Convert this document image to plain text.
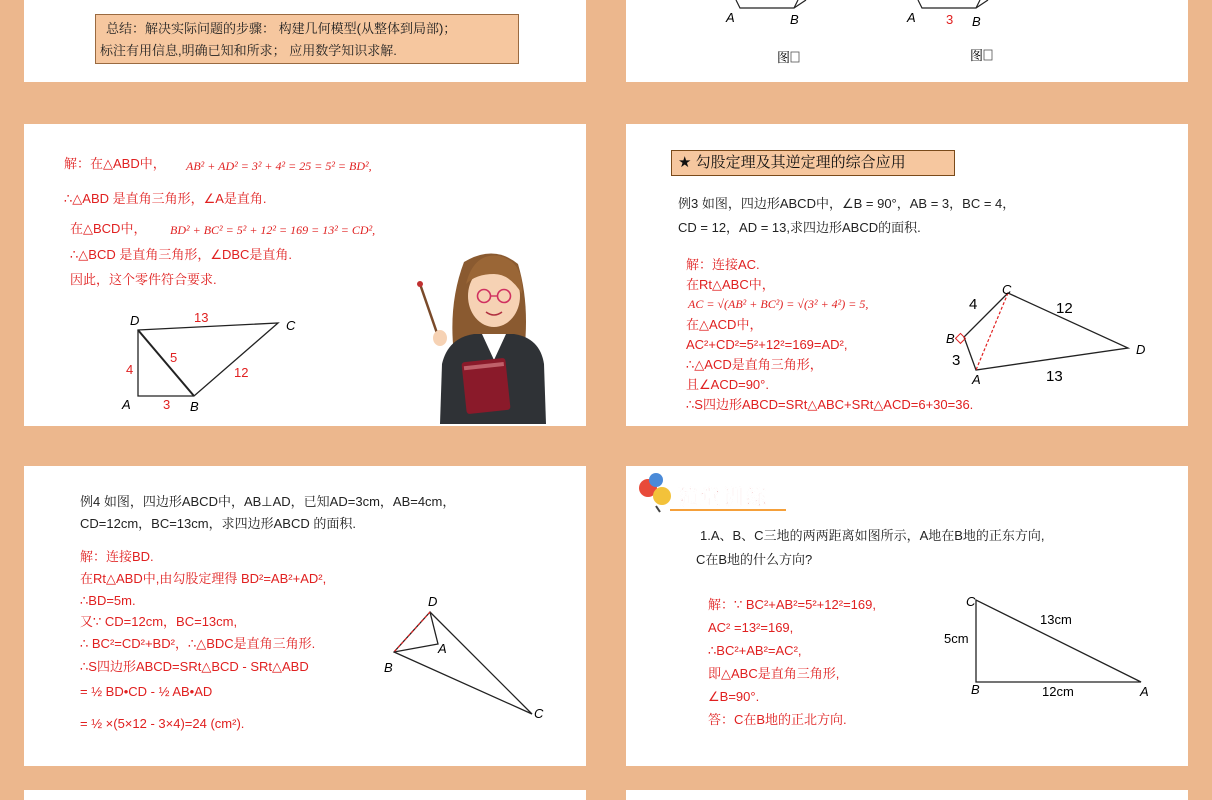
总结：解决实际问题的步骤： 构建几何模型(从整体到局部)；
标注有用信息,明确已知和所求； 应用数学知识求解.
A	B
图
A 3 B
图
解：在△ABD中， AB² + AD² = 3² + 4² = 25 = 5² = BD²,
∴△ABD 是直角三角形，∠A是直角.
在△BCD中， BD² + BC² = 5² + 12² = 169 = 13² = CD²,
∴△BCD 是直角三角形，∠DBC是直角.
因此，这个零件符合要求.
D	C
A	B
13
5
4	12
3
★ 勾股定理及其逆定理的综合应用
例3 如图，四边形ABCD中，∠B = 90°，AB = 3，BC = 4，
CD = 12，AD = 13,求四边形ABCD的面积.
解：连接AC.
在Rt△ABC中，
AC = √(AB² + BC²) = √(3² + 4²) = 5,
在△ACD中，
AC²+CD²=5²+12²=169=AD²,
∴△ACD是直角三角形，
且∠ACD=90°.
∴S四边形ABCD=SRt△ABC+SRt△ACD=6+30=36.
C
B
A
D
4	12
3
13
例4 如图，四边形ABCD中，AB⊥AD，已知AD=3cm，AB=4cm，
CD=12cm，BC=13cm，求四边形ABCD 的面积.
解：连接BD.
在Rt△ABD中,由勾股定理得 BD²=AB²+AD²,
∴BD=5m.
又∵ CD=12cm，BC=13cm,
∴ BC²=CD²+BD²，∴△BDC是直角三角形.
∴S四边形ABCD=SRt△BCD - SRt△ABD
= ½ BD•CD - ½ AB•AD
= ½ ×(5×12 - 3×4)=24 (cm²).
D
A
B
C
随堂训练
1.A、B、C三地的两两距离如图所示，A地在B地的正东方向,
C在B地的什么方向?
解：∵ BC²+AB²=5²+12²=169,
AC² =13²=169,
∴BC²+AB²=AC²,
即△ABC是直角三角形,
∠B=90°.
答：C在B地的正北方向.
C
B	A
13cm
5cm
12cm
